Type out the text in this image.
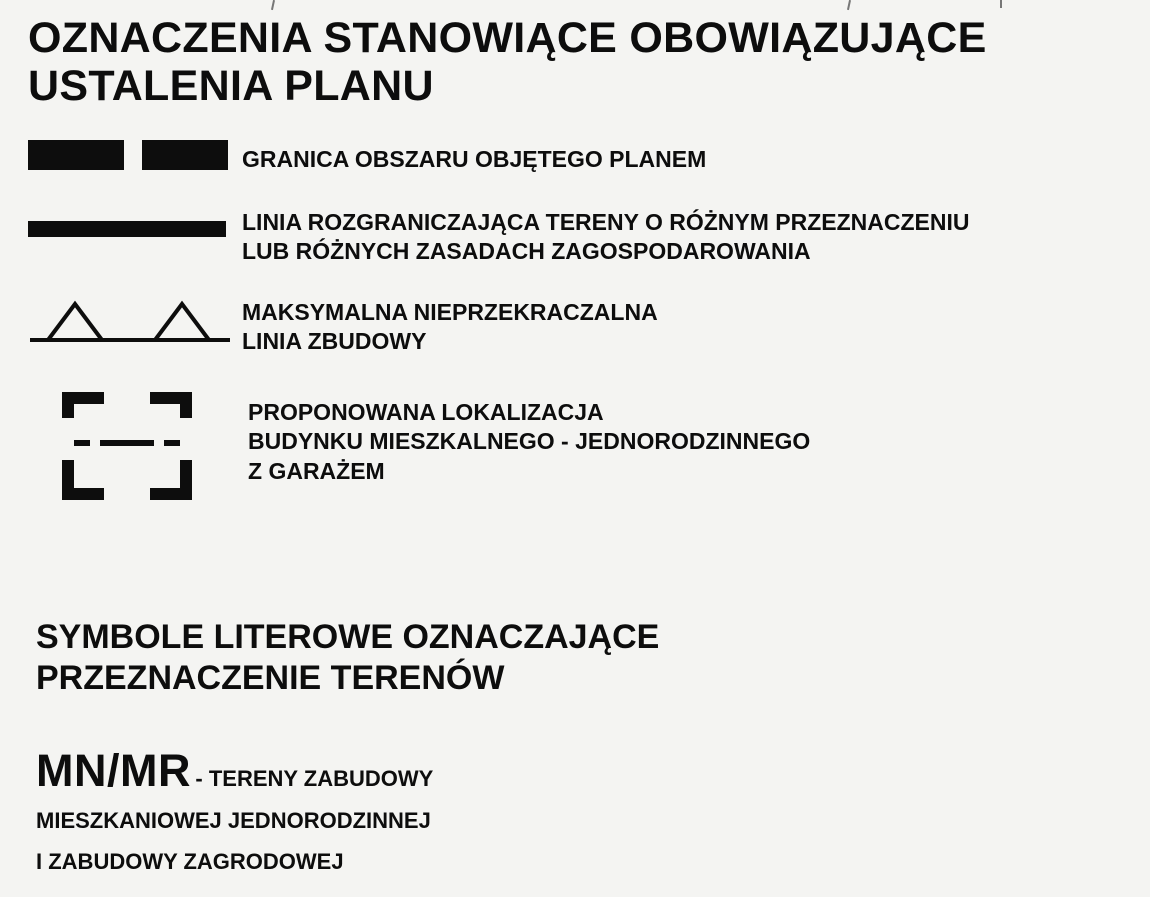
OZNACZENIA STANOWIĄCE OBOWIĄZUJĄCE
USTALENIA PLANU
GRANICA OBSZARU OBJĘTEGO PLANEM
LINIA ROZGRANICZAJĄCA TERENY O RÓŻNYM PRZEZNACZENIU
LUB RÓŻNYCH ZASADACH ZAGOSPODAROWANIA
MAKSYMALNA NIEPRZEKRACZALNA
LINIA ZBUDOWY
PROPONOWANA LOKALIZACJA
BUDYNKU MIESZKALNEGO - JEDNORODZINNEGO
Z GARAŻEM
SYMBOLE LITEROWE OZNACZAJĄCE
PRZEZNACZENIE TERENÓW
MN/MR - TERENY ZABUDOWY
MIESZKANIOWEJ JEDNORODZINNEJ
I ZABUDOWY ZAGRODOWEJ
